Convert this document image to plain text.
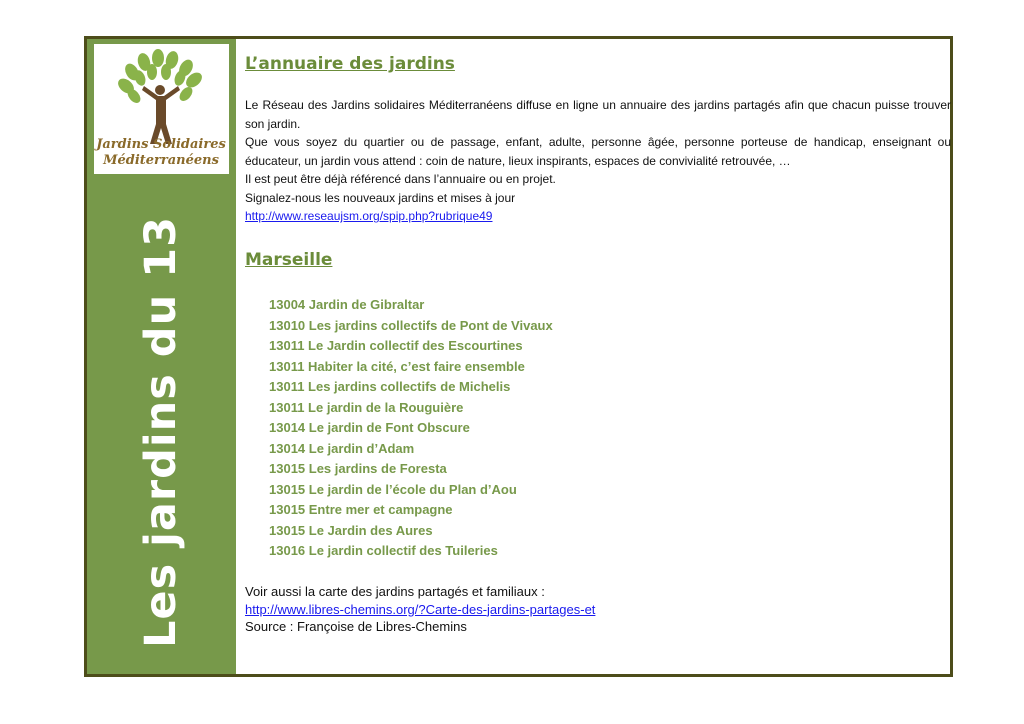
Jardins Solidaires
Méditerranéens
Les jardins du 13
L’annuaire des jardins

Le Réseau des Jardins solidaires Méditerranéens diffuse en ligne un annuaire des jardins partagés afin que chacun puisse trouver son jardin.

Que vous soyez du quartier ou de passage, enfant, adulte, personne âgée, personne porteuse de handicap, enseignant ou éducateur, un jardin vous attend : coin de nature, lieux inspirants, espaces de convivialité retrouvée, …

Il est peut être déjà référencé dans l’annuaire ou en projet.

Signalez-nous les nouveaux jardins et mises à jour

http://www.reseaujsm.org/spip.php?rubrique49

Marseille
13004 Jardin de Gibraltar
13010 Les jardins collectifs de Pont de Vivaux
13011 Le Jardin collectif des Escourtines
13011 Habiter la cité, c’est faire ensemble
13011 Les jardins collectifs de Michelis
13011 Le jardin de la Rouguière
13014 Le jardin de Font Obscure
13014 Le jardin d’Adam
13015 Les jardins de Foresta
13015 Le jardin de l’école du Plan d’Aou
13015 Entre mer et campagne
13015 Le Jardin des Aures
13016 Le jardin collectif des Tuileries

Voir aussi la carte des jardins partagés et familiaux :

http://www.libres-chemins.org/?Carte-des-jardins-partages-et

Source : Françoise de Libres-Chemins
